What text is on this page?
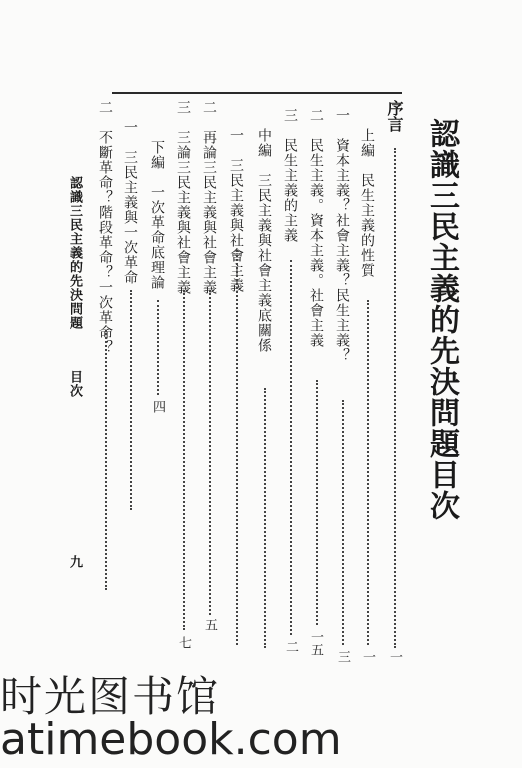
認識三民主義的先決問題目次
序言
一
上編　民生主義的性質
一
一　資本主義？社會主義？民生主義？
三
二　民生主義。資本主義。社會主義
一五
三　民生主義的主義
二
中編　三民主義與社會主義底關係
一　三民主義與社會主義
二　再論三民主義與社會主義
五
三　三論三民主義與社會主義
七
下編　一次革命底理論
四
一　三民主義與一次革命
二　不斷革命？階段革命？一次革命？
認識三民主義的先決問題
目次
九
时光图书馆
atimebook.com
